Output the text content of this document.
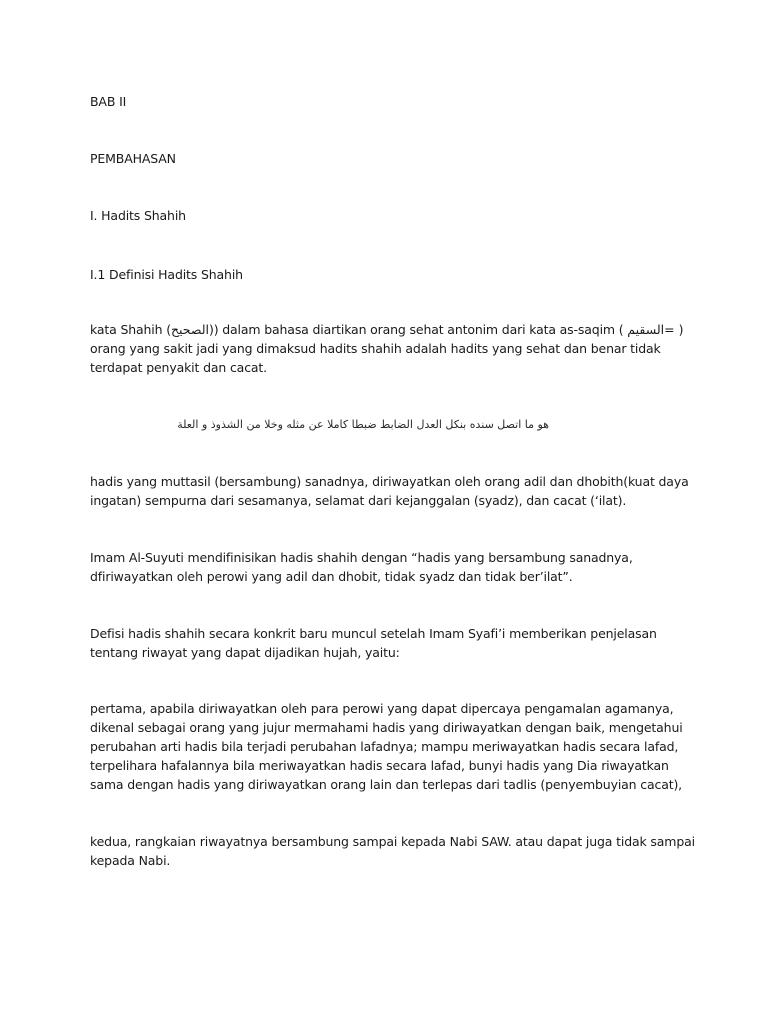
BAB II

PEMBAHASAN

I. Hadits Shahih

I.1 Definisi Hadits Shahih

kata Shahih (الصحيح)) dalam bahasa diartikan orang sehat antonim dari kata as-saqim ( السقيم= ) orang yang sakit jadi yang dimaksud hadits shahih adalah hadits yang sehat dan benar tidak terdapat penyakit dan cacat.

هو ما اتصل سنده بنكل العدل الضابط ضبطا كاملا عن مثله وخلا من الشذوذ و العلة

hadis yang muttasil (bersambung) sanadnya, diriwayatkan oleh orang adil dan dhobith(kuat daya ingatan) sempurna dari sesamanya, selamat dari kejanggalan (syadz), dan cacat (‘ilat).

Imam Al-Suyuti mendifinisikan hadis shahih dengan “hadis yang bersambung sanadnya, dfiriwayatkan oleh perowi yang adil dan dhobit, tidak syadz dan tidak ber’ilat”.

Defisi hadis shahih secara konkrit baru muncul setelah Imam Syafi’i memberikan penjelasan tentang riwayat yang dapat dijadikan hujah, yaitu:

pertama, apabila diriwayatkan oleh para perowi yang dapat dipercaya pengamalan agamanya, dikenal sebagai orang yang jujur mermahami hadis yang diriwayatkan dengan baik, mengetahui perubahan arti hadis bila terjadi perubahan lafadnya; mampu meriwayatkan hadis secara lafad, terpelihara hafalannya bila meriwayatkan hadis secara lafad, bunyi hadis yang Dia riwayatkan sama dengan hadis yang diriwayatkan orang lain dan terlepas dari tadlis (penyembuyian cacat),

kedua, rangkaian riwayatnya bersambung sampai kepada Nabi SAW. atau dapat juga tidak sampai kepada Nabi.
